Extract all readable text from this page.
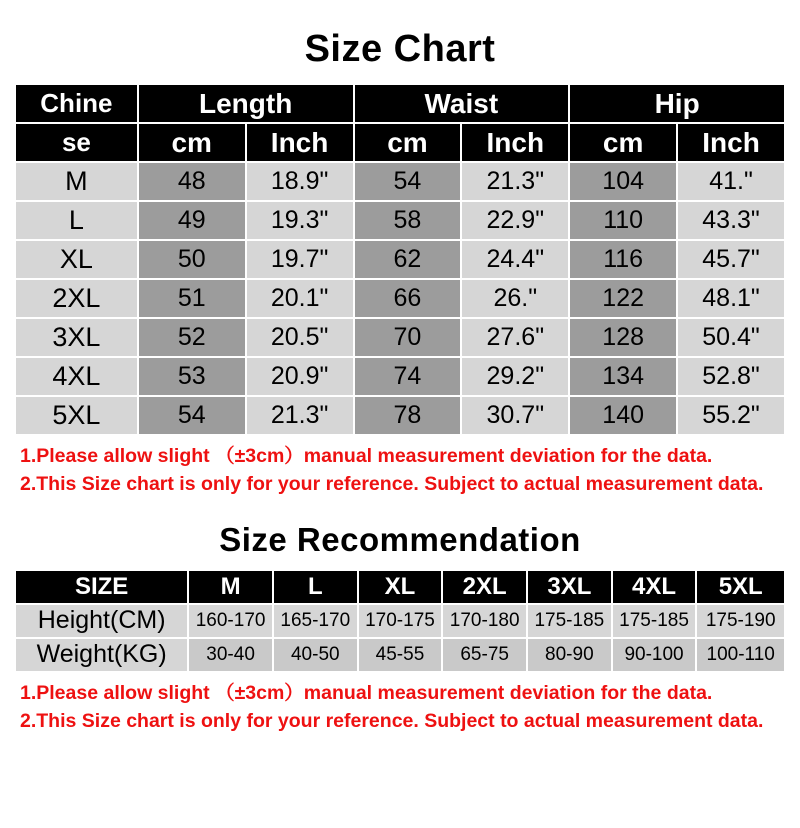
Size Chart
Chine	Length		Waist		Hip	
se	cm	Inch	cm	Inch	cm	Inch
M	48	18.9"	54	21.3"	104	41."
L	49	19.3"	58	22.9"	110	43.3"
XL	50	19.7"	62	24.4"	116	45.7"
2XL	51	20.1"	66	26."	122	48.1"
3XL	52	20.5"	70	27.6"	128	50.4"
4XL	53	20.9"	74	29.2"	134	52.8"
5XL	54	21.3"	78	30.7"	140	55.2"
1.Please allow slight （±3cm）manual measurement deviation for the data.
2.This Size chart is only for your reference. Subject to actual measurement data.
Size Recommendation
SIZE	M	L	XL	2XL	3XL	4XL	5XL
Height(CM)	160-170	165-170	170-175	170-180	175-185	175-185	175-190
Weight(KG)	30-40	40-50	45-55	65-75	80-90	90-100	100-110
1.Please allow slight （±3cm）manual measurement deviation for the data.
2.This Size chart is only for your reference. Subject to actual measurement data.
